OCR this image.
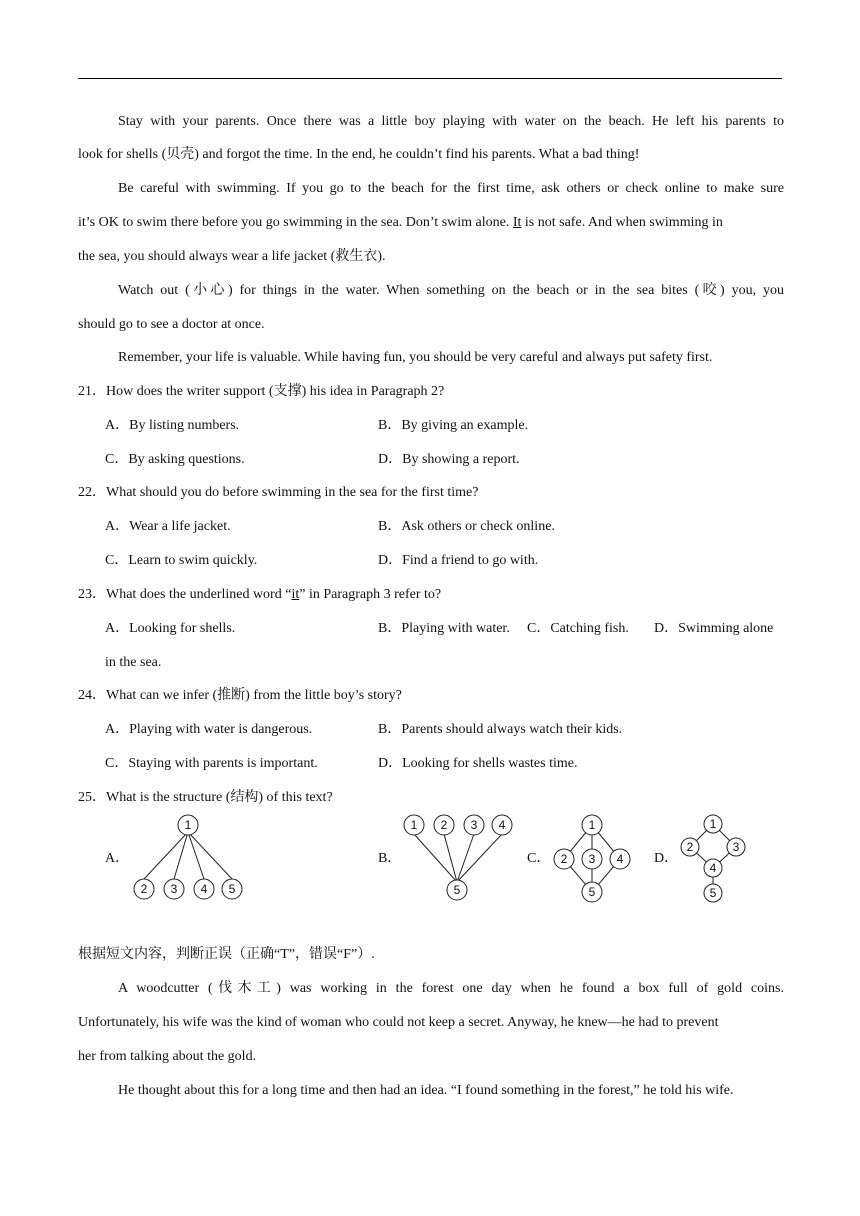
Stay with your parents. Once there was a little boy playing with water on the beach. He left his parents to
look for shells (贝壳) and forgot the time. In the end, he couldn’t find his parents. What a bad thing!
Be careful with swimming. If you go to the beach for the first time, ask others or check online to make sure
it’s OK to swim there before you go swimming in the sea. Don’t swim alone. It is not safe. And when swimming in
the sea, you should always wear a life jacket (救生衣).
Watch out (小心) for things in the water. When something on the beach or in the sea bites (咬) you, you
should go to see a doctor at once.
Remember, your life is valuable. While having fun, you should be very careful and always put safety first.
21．How does the writer support (支撑) his idea in Paragraph 2?
A．By listing numbers.	B．By giving an example.
C．By asking questions.	D．By showing a report.
22．What should you do before swimming in the sea for the first time?
A．Wear a life jacket.	B．Ask others or check online.
C．Learn to swim quickly.	D．Find a friend to go with.
23．What does the underlined word “it” in Paragraph 3 refer to?
A．Looking for shells.	B．Playing with water. C．Catching fish. D．Swimming alone
in the sea.
24．What can we infer (推断) from the little boy’s story?
A．Playing with water is dangerous.	B．Parents should always watch their kids.
C．Staying with parents is important.	D．Looking for shells wastes time.
25．What is the structure (结构) of this text?
A．	B．	C．	D．
1
2 3 4 5
1 2 3 4
5
1
2 3 4
5
1
2	3
4
5
根据短文内容，判断正误（正确“T”，错误“F”）.
A woodcutter (伐木工) was working in the forest one day when he found a box full of gold coins.
Unfortunately, his wife was the kind of woman who could not keep a secret. Anyway, he knew—he had to prevent
her from talking about the gold.
He thought about this for a long time and then had an idea. “I found something in the forest,” he told his wife.
